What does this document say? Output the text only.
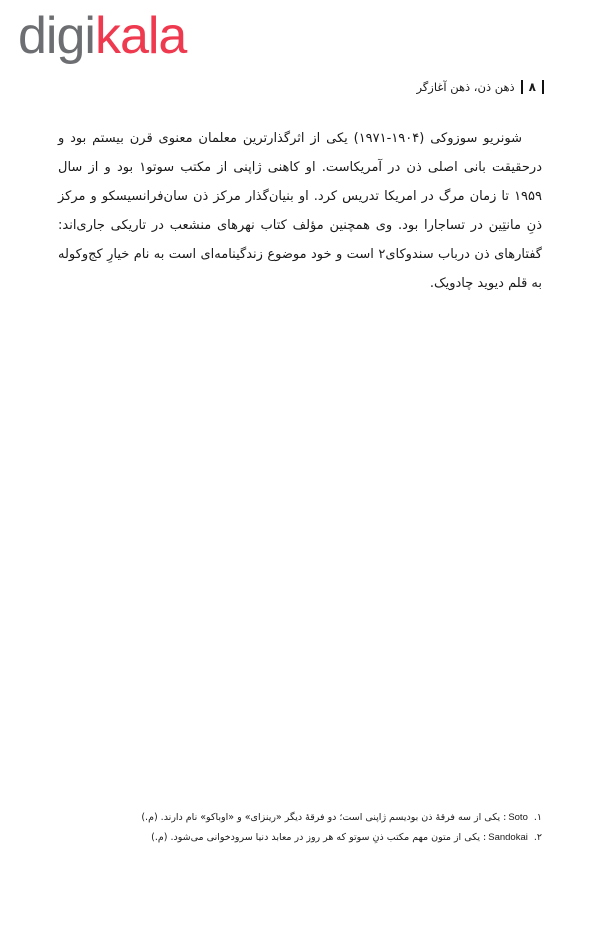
digikala
۸
ذهن ذن، ذهن آغازگر

شونریو سوزوکی (۱۹۰۴-۱۹۷۱) یکی از اثرگذارترین معلمان معنوی قرن بیستم بود و درحقیقت بانی اصلی ذن در آمریکاست. او کاهنی ژاپنی از مکتب سوتو۱ بود و از سال ۱۹۵۹ تا زمان مرگ در امریکا تدریس کرد. او بنیان‌گذار مرکز ذن سان‌فرانسیسکو و مرکز ذنِ مانتِین در تساجارا بود. وی همچنین مؤلف کتاب نهرهای منشعب در تاریکی جاری‌اند: گفتارهای ذن درباب سندوکای۲ است و خود موضوع زندگینامه‌ای است به نام خیارِ کج‌وکوله به قلم دیوید چادویک.

۱.Soto: یکی از سه فرقهٔ ذن بودیسم ژاپنی است؛ دو فرقهٔ دیگر «رینزای» و «اوباکو» نام دارند. (م.)
۲.Sandokai: یکی از متون مهم مکتب ذنِ سوتو که هر روز در معابد دنیا سرودخوانی می‌شود. (م.)
